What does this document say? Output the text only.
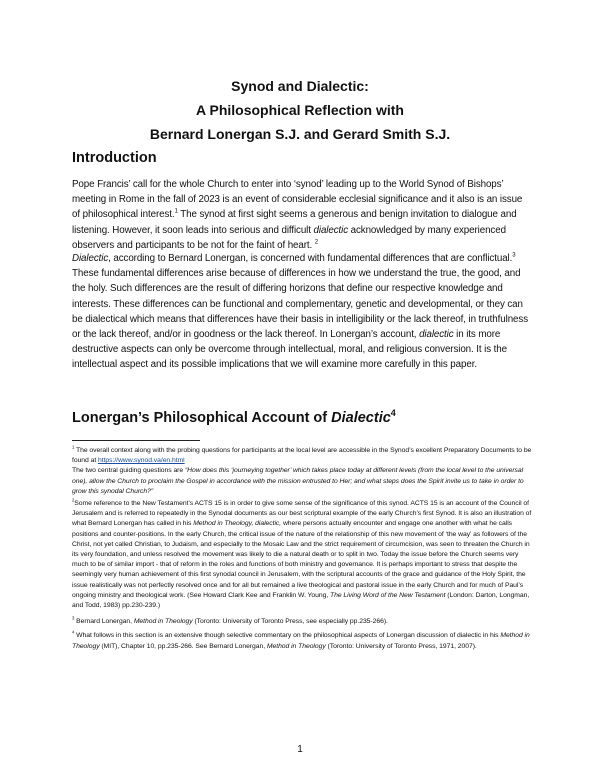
Synod and Dialectic:
A Philosophical Reflection with
Bernard Lonergan S.J. and Gerard Smith S.J.
Introduction
Pope Francis’ call for the whole Church to enter into ‘synod’ leading up to the World Synod of Bishops’ meeting in Rome in the fall of 2023 is an event of considerable ecclesial significance and it also is an issue of philosophical interest.$^1$ The synod at first sight seems a generous and benign invitation to dialogue and listening. However, it soon leads into serious and difficult dialectic acknowledged by many experienced observers and participants to be not for the faint of heart. $^2$
Dialectic, according to Bernard Lonergan, is concerned with fundamental differences that are conflictual.$^3$ These fundamental differences arise because of differences in how we understand the true, the good, and the holy. Such differences are the result of differing horizons that define our respective knowledge and interests. These differences can be functional and complementary, genetic and developmental, or they can be dialectical which means that differences have their basis in intelligibility or the lack thereof, in truthfulness or the lack thereof, and/or in goodness or the lack thereof. In Lonergan’s account, dialectic in its more destructive aspects can only be overcome through intellectual, moral, and religious conversion. It is the intellectual aspect and its possible implications that we will examine more carefully in this paper.
Lonergan’s Philosophical Account of Dialectic$^4$

$^1$ The overall context along with the probing questions for participants at the local level are accessible in the Synod’s excellent Preparatory Documents to be found at https://www.synod.va/en.html

The two central guiding questions are “How does this ‘journeying together’ which takes place today at different levels (from the local level to the universal one), allow the Church to proclaim the Gospel in accordance with the mission entrusted to Her; and what steps does the Spirit invite us to take in order to grow this synodal Church?”

$^2$Some reference to the New Testament’s ACTS 15 is in order to give some sense of the significance of this synod. ACTS 15 is an account of the Council of Jerusalem and is referred to repeatedly in the Synodal documents as our best scriptural example of the early Church’s first Synod. It is also an illustration of what Bernard Lonergan has called in his Method in Theology, dialectic, where persons actually encounter and engage one another with what he calls positions and counter-positions. In the early Church, the critical issue of the nature of the relationship of this new movement of ‘the way’ as followers of the Christ, not yet called Christian, to Judaism, and especially to the Mosaic Law and the strict requirement of circumcision, was seen to threaten the Church in its very foundation, and unless resolved the movement was likely to die a natural death or to split in two. Today the issue before the Church seems very much to be of similar import - that of reform in the roles and functions of both ministry and governance. It is perhaps important to stress that despite the seemingly very human achievement of this first synodal council in Jerusalem, with the scriptural accounts of the grace and guidance of the Holy Spirit, the issue realistically was not perfectly resolved once and for all but remained a live theological and pastoral issue in the early Church and for much of Paul’s ongoing ministry and theological work. (See Howard Clark Kee and Franklin W. Young, The Living Word of the New Testament (London: Darton, Longman, and Todd, 1983) pp.230-239.)

$^3$ Bernard Lonergan, Method in Theology (Toronto: University of Toronto Press, see especially pp.235-266).

$^4$ What follows in this section is an extensive though selective commentary on the philosophical aspects of Lonergan discussion of dialectic in his Method in Theology (MIT), Chapter 10, pp.235-266. See Bernard Lonergan, Method in Theology (Toronto: University of Toronto Press, 1971, 2007).

1
